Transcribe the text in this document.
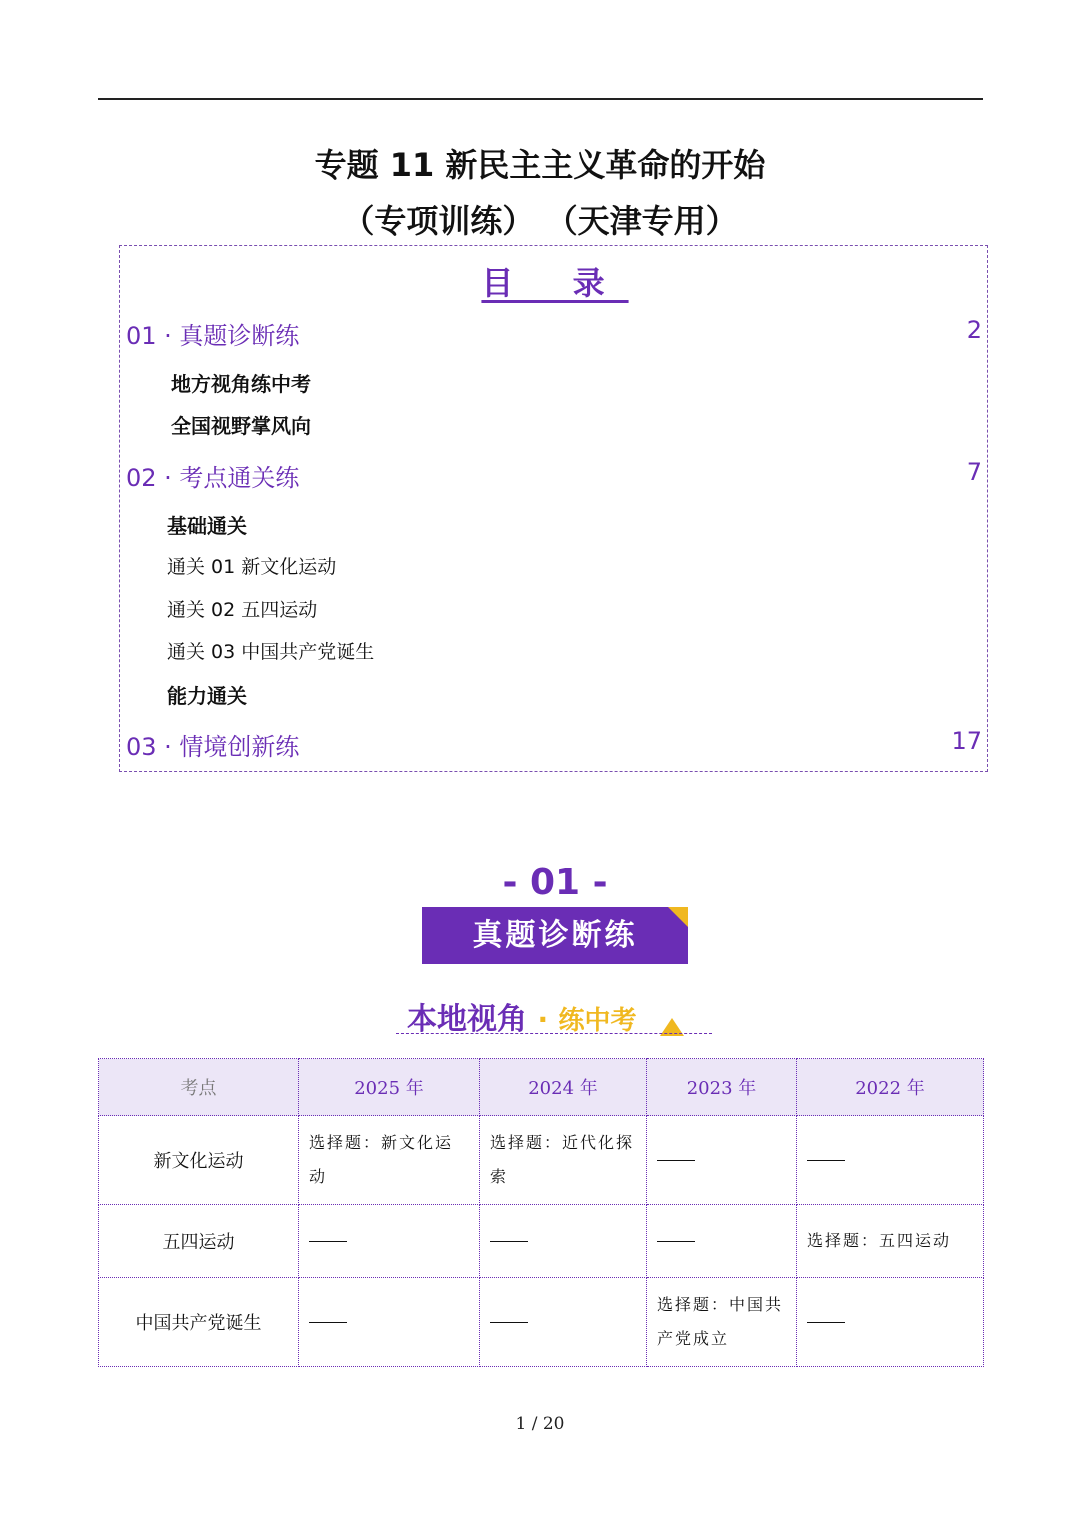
专题 11 新民主主义革命的开始
（专项训练） （天津专用）
目 录
01 · 真题诊断练	2
地方视角练中考
全国视野掌风向
02 · 考点通关练	7
基础通关
通关 01 新文化运动
通关 02 五四运动
通关 03 中国共产党诞生
能力通关
03 · 情境创新练	17
- 01 -
真题诊断练
本地视角 · 练中考
考点	2025 年	2024 年	2023 年	2022 年
新文化运动	选择题：新文化运动	选择题：近代化探索		
五四运动				选择题：五四运动
中国共产党诞生			选择题：中国共产党成立	
1 / 20
